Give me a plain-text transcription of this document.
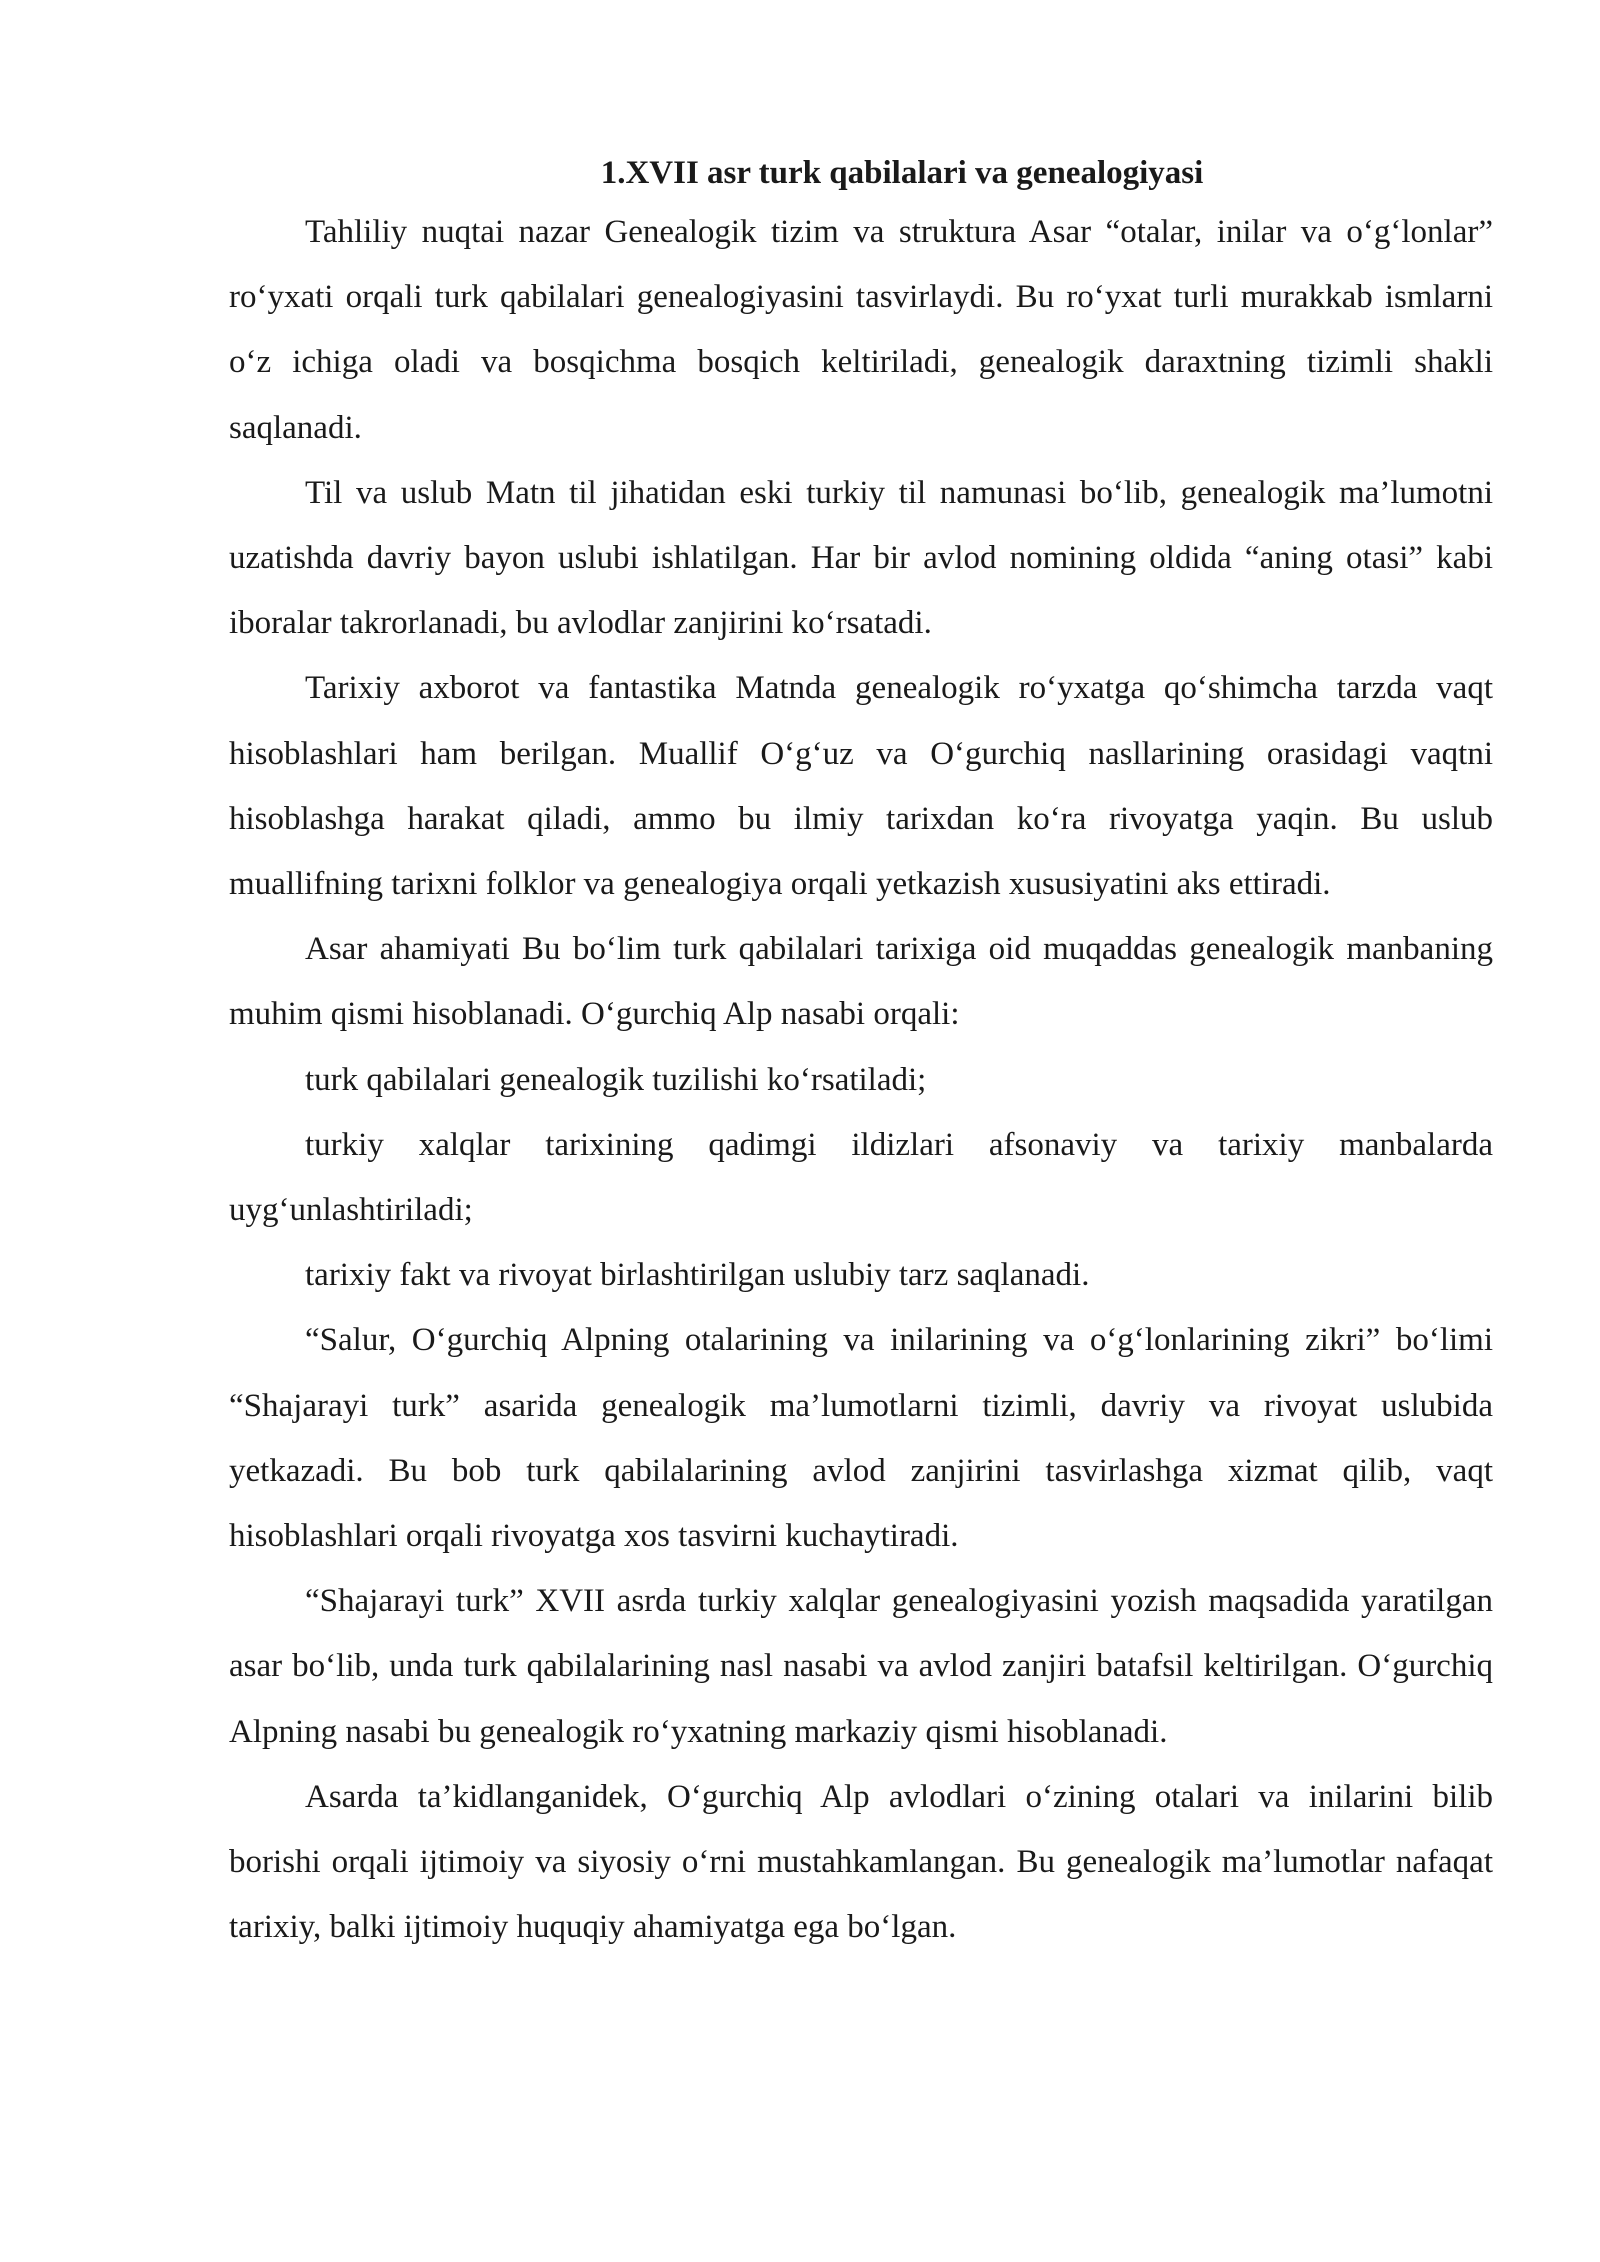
1.XVII asr turk qabilalari va genealogiyasi

Tahliliy nuqtai nazar Genealogik tizim va struktura Asar “otalar, inilar va o‘g‘lonlar” ro‘yxati orqali turk qabilalari genealogiyasini tasvirlaydi. Bu ro‘yxat turli murakkab ismlarni o‘z ichiga oladi va bosqichma bosqich keltiriladi, genealogik daraxtning tizimli shakli saqlanadi.

Til va uslub Matn til jihatidan eski turkiy til namunasi bo‘lib, genealogik ma’lumotni uzatishda davriy bayon uslubi ishlatilgan. Har bir avlod nomining oldida “aning otasi” kabi iboralar takrorlanadi, bu avlodlar zanjirini ko‘rsatadi.

Tarixiy axborot va fantastika Matnda genealogik ro‘yxatga qo‘shimcha tarzda vaqt hisoblashlari ham berilgan. Muallif O‘g‘uz va O‘gurchiq nasllarining orasidagi vaqtni hisoblashga harakat qiladi, ammo bu ilmiy tarixdan ko‘ra rivoyatga yaqin. Bu uslub muallifning tarixni folklor va genealogiya orqali yetkazish xususiyatini aks ettiradi.

Asar ahamiyati Bu bo‘lim turk qabilalari tarixiga oid muqaddas genealogik manbaning muhim qismi hisoblanadi. O‘gurchiq Alp nasabi orqali:

turk qabilalari genealogik tuzilishi ko‘rsatiladi;

turkiy xalqlar tarixining qadimgi ildizlari afsonaviy va tarixiy manbalarda uyg‘unlashtiriladi;

tarixiy fakt va rivoyat birlashtirilgan uslubiy tarz saqlanadi.

“Salur, O‘gurchiq Alpning otalarining va inilarining va o‘g‘lonlarining zikri” bo‘limi “Shajarayi turk” asarida genealogik ma’lumotlarni tizimli, davriy va rivoyat uslubida yetkazadi. Bu bob turk qabilalarining avlod zanjirini tasvirlashga xizmat qilib, vaqt hisoblashlari orqali rivoyatga xos tasvirni kuchaytiradi.

“Shajarayi turk” XVII asrda turkiy xalqlar genealogiyasini yozish maqsadida yaratilgan asar bo‘lib, unda turk qabilalarining nasl nasabi va avlod zanjiri batafsil keltirilgan. O‘gurchiq Alpning nasabi bu genealogik ro‘yxatning markaziy qismi hisoblanadi.

Asarda ta’kidlanganidek, O‘gurchiq Alp avlodlari o‘zining otalari va inilarini bilib borishi orqali ijtimoiy va siyosiy o‘rni mustahkamlangan. Bu genealogik ma’lumotlar nafaqat tarixiy, balki ijtimoiy huquqiy ahamiyatga ega bo‘lgan.
